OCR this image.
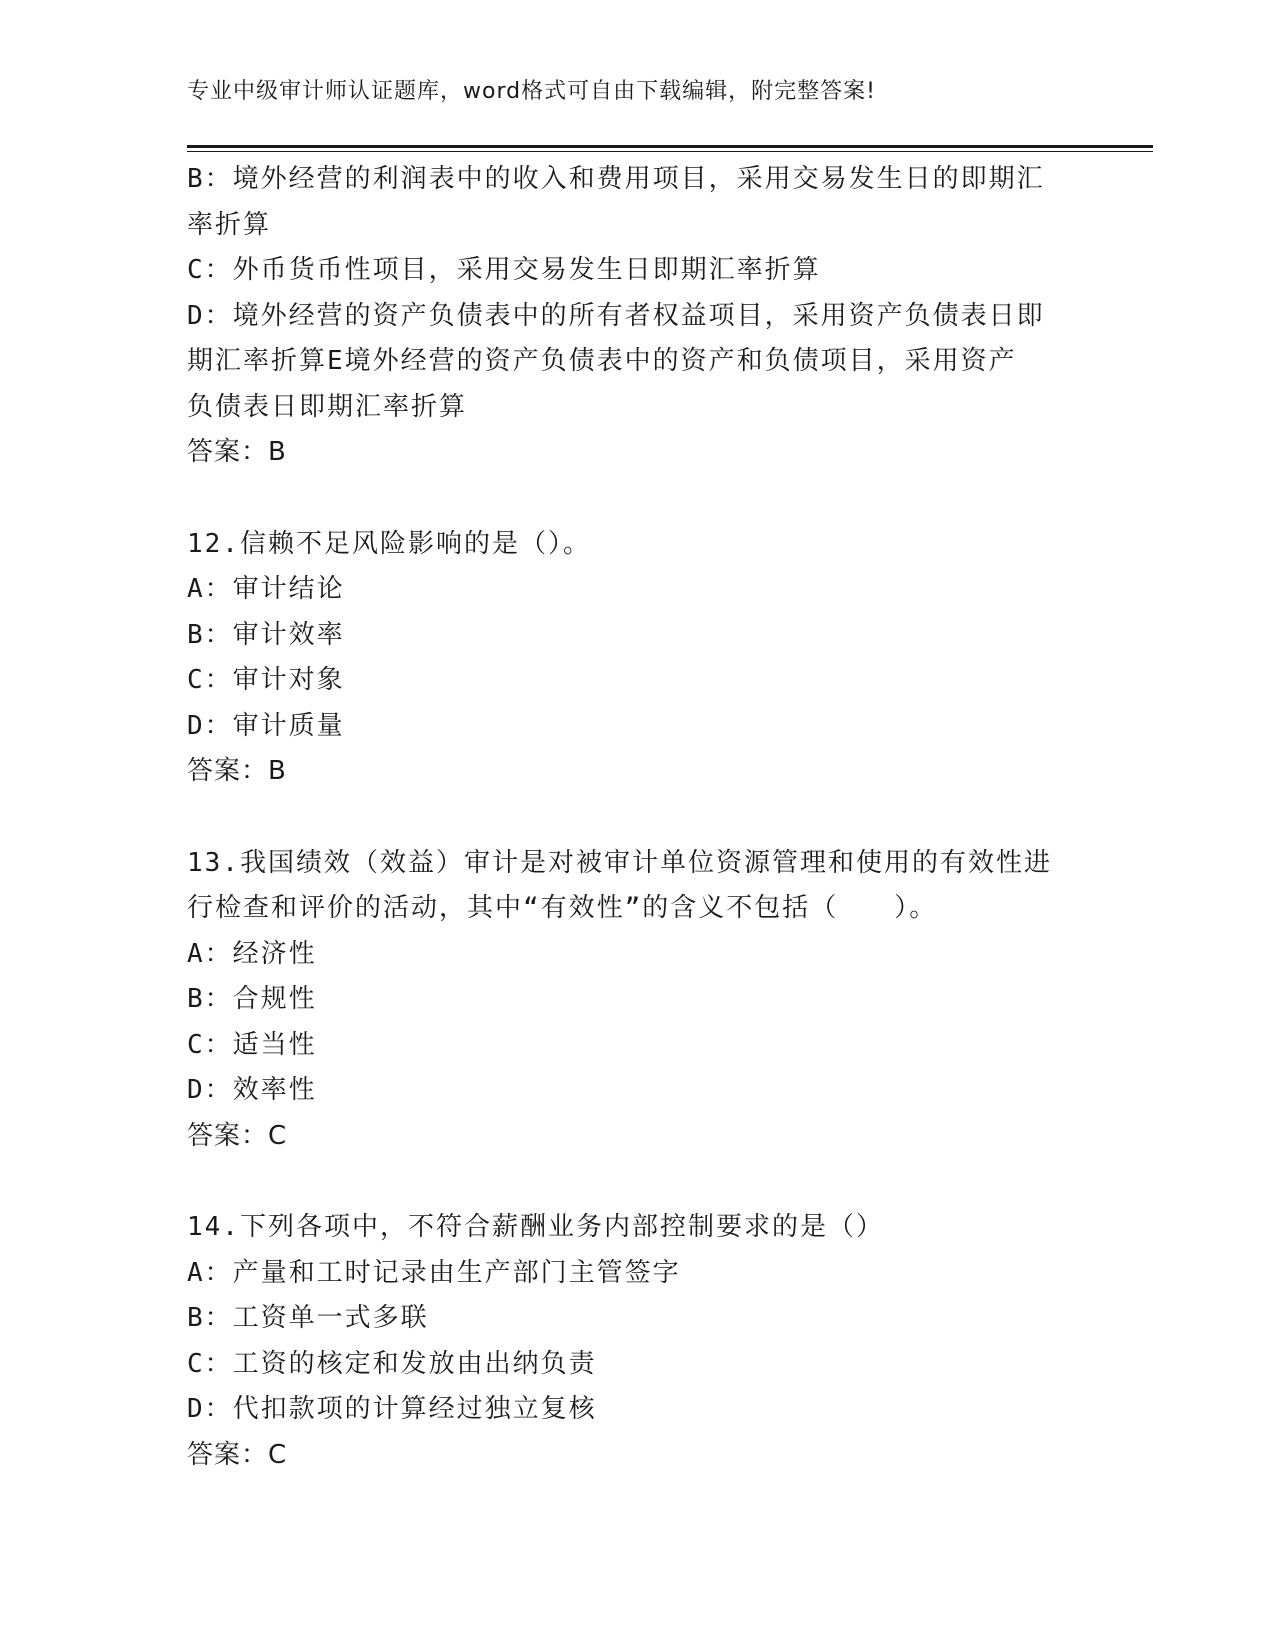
专业中级审计师认证题库，word格式可自由下载编辑，附完整答案!
B：境外经营的利润表中的收入和费用项目，采用交易发生日的即期汇
率折算
C：外币货币性项目，采用交易发生日即期汇率折算
D：境外经营的资产负债表中的所有者权益项目，采用资产负债表日即
期汇率折算E境外经营的资产负债表中的资产和负债项目，采用资产
负债表日即期汇率折算
答案：B
12.信赖不足风险影响的是（）。
A：审计结论
B：审计效率
C：审计对象
D：审计质量
答案：B
13.我国绩效（效益）审计是对被审计单位资源管理和使用的有效性进
行检查和评价的活动，其中“有效性”的含义不包括（　　）。
A：经济性
B：合规性
C：适当性
D：效率性
答案：C
14.下列各项中，不符合薪酬业务内部控制要求的是（）
A：产量和工时记录由生产部门主管签字
B：工资单一式多联
C：工资的核定和发放由出纳负责
D：代扣款项的计算经过独立复核
答案：C
